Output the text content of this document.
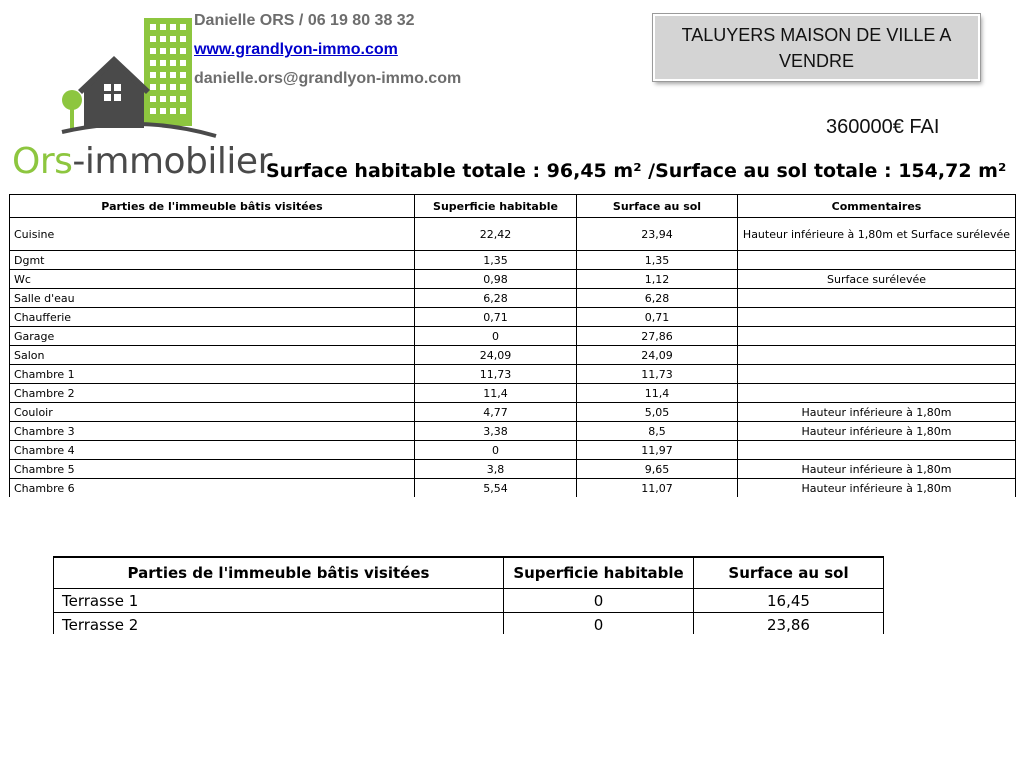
Ors-immobilier
Danielle ORS / 06 19 80 38 32
www.grandlyon-immo.com
danielle.ors@grandlyon-immo.com
TALUYERS MAISON DE VILLE A VENDRE
360000€ FAI
Surface habitable totale : 96,45 m² /Surface au sol totale : 154,72 m²
Parties de l'immeuble bâtis visitées	Superficie habitable	Surface au sol	Commentaires
Cuisine	22,42	23,94	Hauteur inférieure à 1,80m et Surface surélevée
Dgmt	1,35	1,35	
Wc	0,98	1,12	Surface surélevée
Salle d'eau	6,28	6,28	
Chaufferie	0,71	0,71	
Garage	0	27,86	
Salon	24,09	24,09	
Chambre 1	11,73	11,73	
Chambre 2	11,4	11,4	
Couloir	4,77	5,05	Hauteur inférieure à 1,80m
Chambre 3	3,38	8,5	Hauteur inférieure à 1,80m
Chambre 4	0	11,97	
Chambre 5	3,8	9,65	Hauteur inférieure à 1,80m
Chambre 6	5,54	11,07	Hauteur inférieure à 1,80m
Parties de l'immeuble bâtis visitées	Superficie habitable	Surface au sol
Terrasse 1	0	16,45
Terrasse 2	0	23,86
